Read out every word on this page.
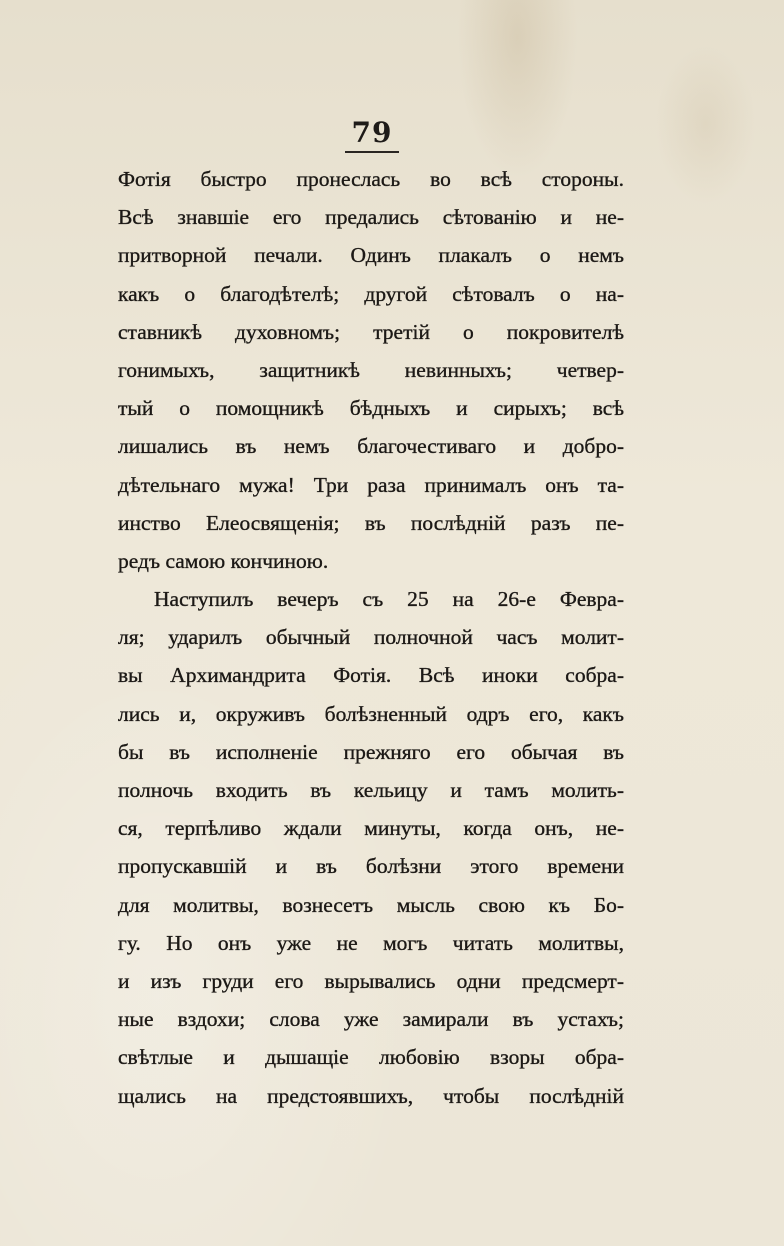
79
Фотія быстро пронеслась во всѣ стороны.
Всѣ знавшіе его предались сѣтованію и не-
притворной печали. Одинъ плакалъ о немъ
какъ о благодѣтелѣ; другой сѣтовалъ о на-
ставникѣ духовномъ; третій о покровителѣ
гонимыхъ, защитникѣ невинныхъ; четвер-
тый о помощникѣ бѣдныхъ и сирыхъ; всѣ
лишались въ немъ благочестиваго и добро-
дѣтельнаго мужа! Три раза принималъ онъ та-
инство Елеосвященія; въ послѣдній разъ пе-
редъ самою кончиною.
Наступилъ вечеръ съ 25 на 26-е Февра-
ля; ударилъ обычный полночной часъ молит-
вы Архимандрита Фотія. Всѣ иноки собра-
лись и, окруживъ болѣзненный одръ его, какъ
бы въ исполненіе прежняго его обычая въ
полночь входить въ кельицу и тамъ молить-
ся, терпѣливо ждали минуты, когда онъ, не-
пропускавшій и въ болѣзни этого времени
для молитвы, вознесетъ мысль свою къ Бо-
гу. Но онъ уже не могъ читать молитвы,
и изъ груди его вырывались одни предсмерт-
ные вздохи; слова уже замирали въ устахъ;
свѣтлые и дышащіе любовію взоры обра-
щались на предстоявшихъ, чтобы послѣдній
